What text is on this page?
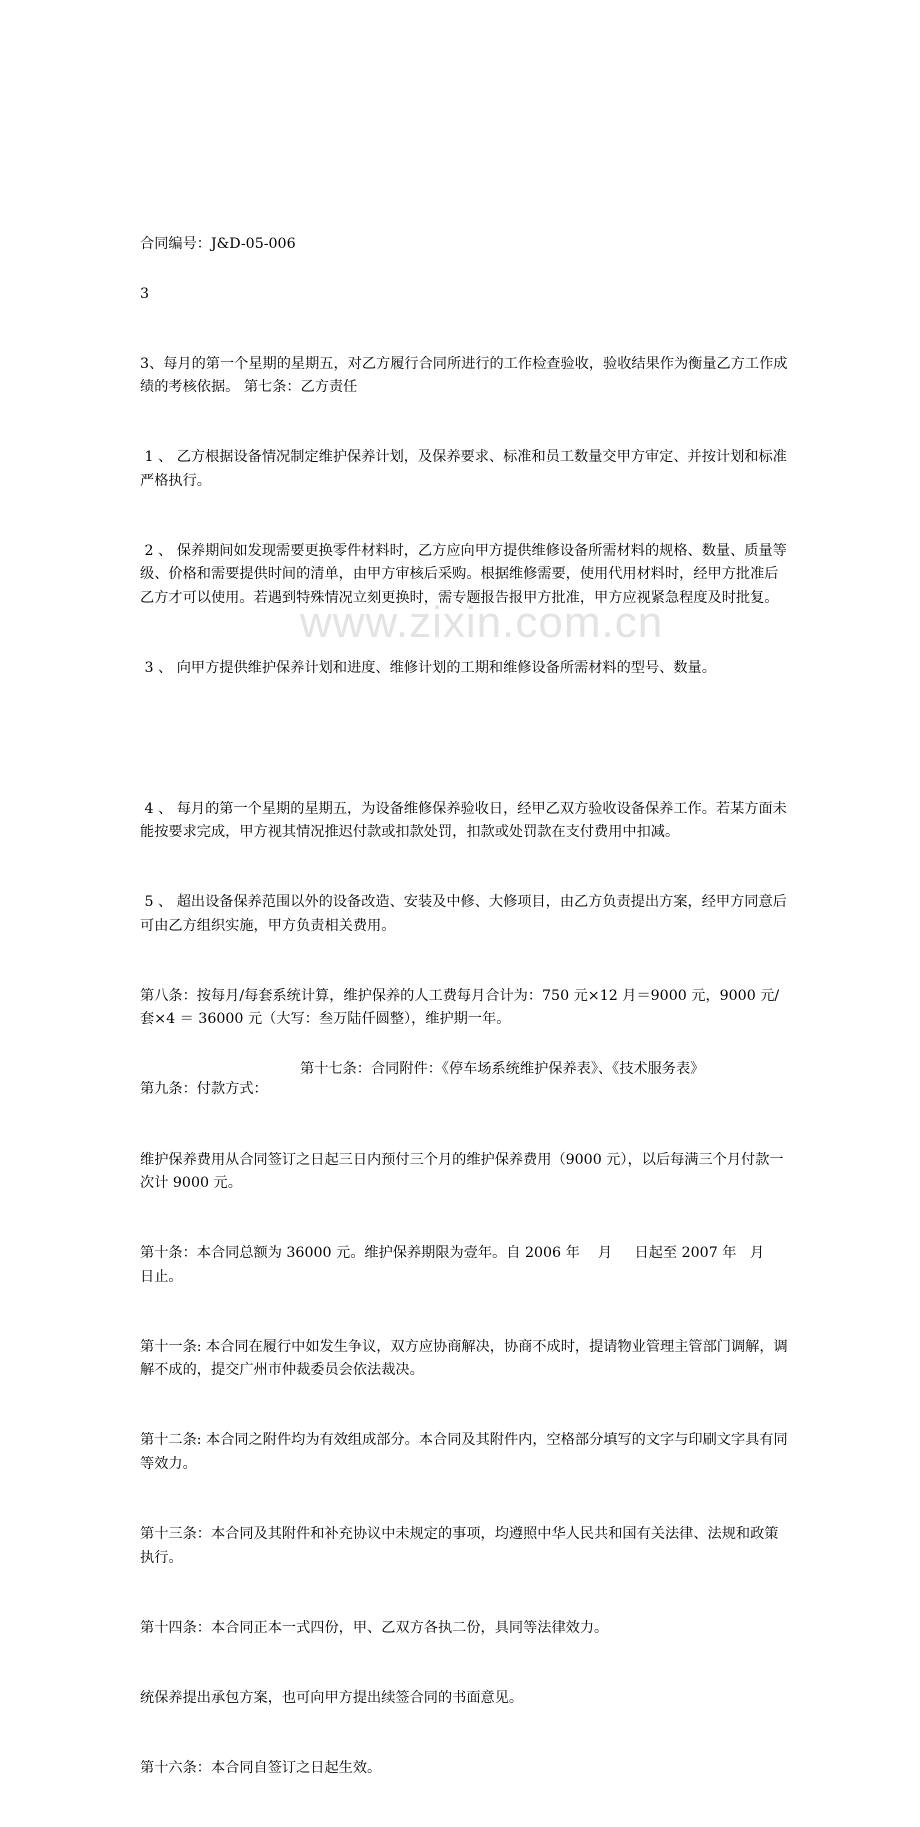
www.zixin.com.cn
合同编号：J&D-05-006
3

3、每月的第一个星期的星期五，对乙方履行合同所进行的工作检查验收，验收结果作为衡量乙方工作成绩的考核依据。 第七条：乙方责任

1 、 乙方根据设备情况制定维护保养计划，及保养要求、标准和员工数量交甲方审定、并按计划和标准严格执行。

2 、 保养期间如发现需要更换零件材料时，乙方应向甲方提供维修设备所需材料的规格、数量、质量等级、价格和需要提供时间的清单，由甲方审核后采购。根据维修需要，使用代用材料时，经甲方批准后乙方才可以使用。若遇到特殊情况立刻更换时，需专题报告报甲方批准，甲方应视紧急程度及时批复。

3 、 向甲方提供维护保养计划和进度、维修计划的工期和维修设备所需材料的型号、数量。

4 、 每月的第一个星期的星期五，为设备维修保养验收日，经甲乙双方验收设备保养工作。若某方面未能按要求完成，甲方视其情况推迟付款或扣款处罚，扣款或处罚款在支付费用中扣减。

5 、 超出设备保养范围以外的设备改造、安装及中修、大修项目，由乙方负责提出方案，经甲方同意后可由乙方组织实施，甲方负责相关费用。

第八条：按每月/每套系统计算，维护保养的人工费每月合计为：750 元×12 月＝9000 元，9000 元/套×4 ＝ 36000 元（大写：叁万陆仟圆整），维护期一年。

第九条：付款方式：

维护保养费用从合同签订之日起三日内预付三个月的维护保养费用（9000 元），以后每满三个月付款一次计 9000 元。

第十条：本合同总额为 36000 元。维护保养期限为壹年。自 2006 年    月     日起至 2007 年   月    日止。

第十一条: 本合同在履行中如发生争议，双方应协商解决，协商不成时，提请物业管理主管部门调解，调解不成的，提交广州市仲裁委员会依法裁决。

第十二条: 本合同之附件均为有效组成部分。本合同及其附件内，空格部分填写的文字与印刷文字具有同等效力。

第十三条：本合同及其附件和补充协议中未规定的事项，均遵照中华人民共和国有关法律、法规和政策执行。

第十四条：本合同正本一式四份，甲、乙双方各执二份，具同等法律效力。

统保养提出承包方案，也可向甲方提出续签合同的书面意见。

第十六条：本合同自签订之日起生效。

第十七条：合同附件：《停车场系统维护保养表》、《技术服务表》
